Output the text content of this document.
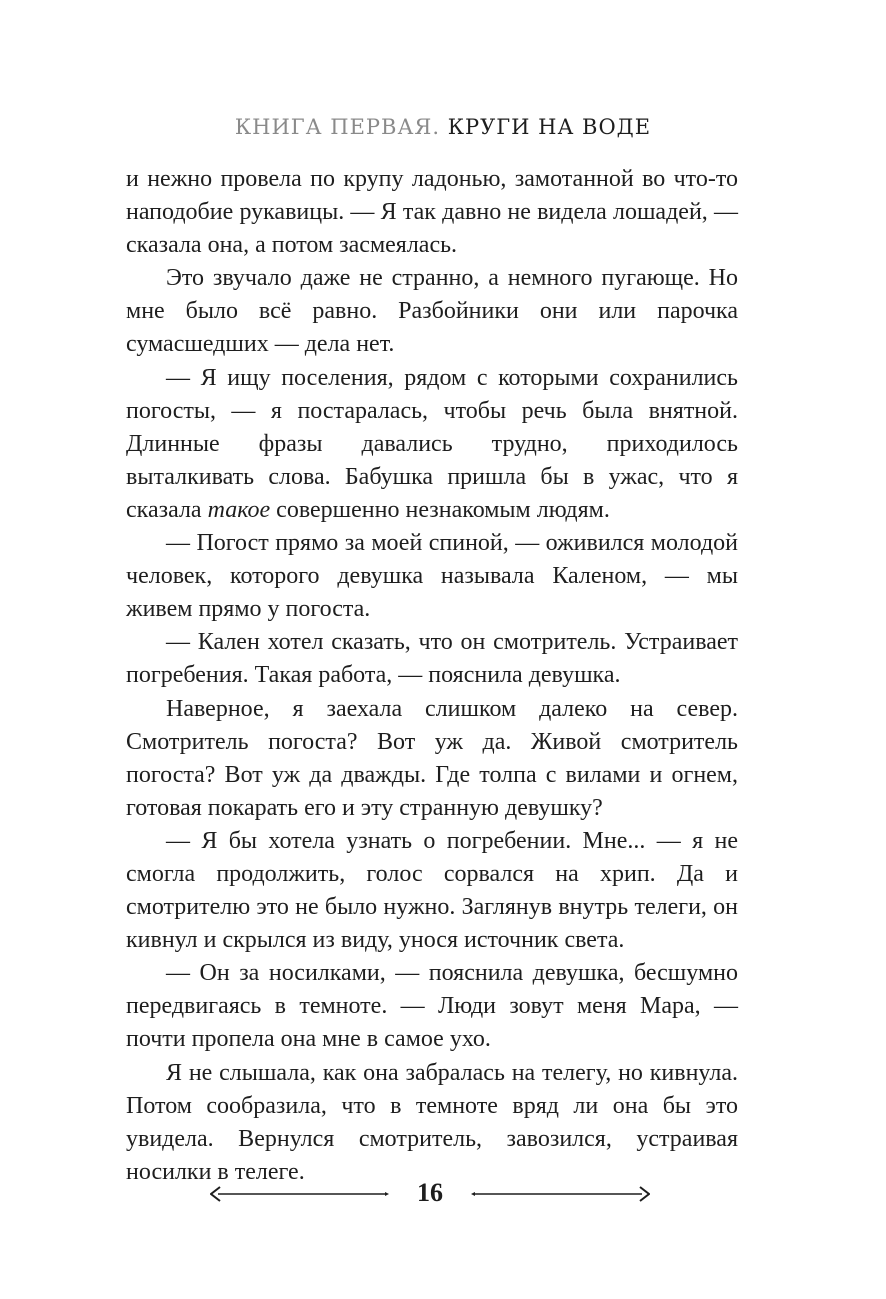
КНИГА ПЕРВАЯ. КРУГИ НА ВОДЕ

и нежно провела по крупу ладонью, замотанной во что-то наподобие рукавицы. — Я так давно не видела лошадей, — сказала она, а потом засмеялась.

Это звучало даже не странно, а немного пугающе. Но мне было всё равно. Разбойники они или парочка сумасшедших — дела нет.

— Я ищу поселения, рядом с которыми сохранились погосты, — я постаралась, чтобы речь была внятной. Длинные фразы давались трудно, приходилось выталкивать слова. Бабушка пришла бы в ужас, что я сказала такое совершенно незнакомым людям.

— Погост прямо за моей спиной, — оживился молодой человек, которого девушка называла Каленом, — мы живем прямо у погоста.

— Кален хотел сказать, что он смотритель. Устраивает погребения. Такая работа, — пояснила девушка.

Наверное, я заехала слишком далеко на север. Смотритель погоста? Вот уж да. Живой смотритель погоста? Вот уж да дважды. Где толпа с вилами и огнем, готовая покарать его и эту странную девушку?

— Я бы хотела узнать о погребении. Мне... — я не смогла продолжить, голос сорвался на хрип. Да и смотрителю это не было нужно. Заглянув внутрь телеги, он кивнул и скрылся из виду, унося источник света.

— Он за носилками, — пояснила девушка, бесшумно передвигаясь в темноте. — Люди зовут меня Мара, — почти пропела она мне в самое ухо.

Я не слышала, как она забралась на телегу, но кивнула. Потом сообразила, что в темноте вряд ли она бы это увидела. Вернулся смотритель, завозился, устраивая носилки в телеге.

16
